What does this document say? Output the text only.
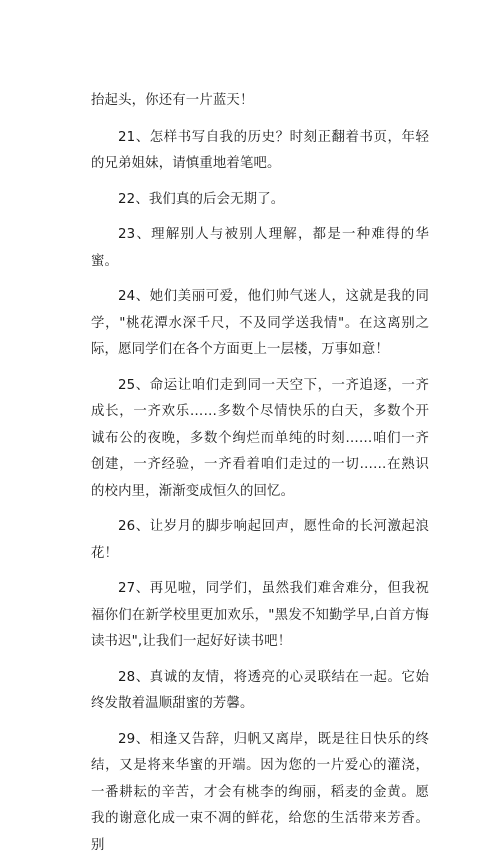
抬起头，你还有一片蓝天！

21、怎样书写自我的历史？时刻正翻着书页，年轻的兄弟姐妹，请慎重地着笔吧。

22、我们真的后会无期了。

23、理解别人与被别人理解，都是一种难得的华蜜。

24、她们美丽可爱，他们帅气迷人，这就是我的同学，"桃花潭水深千尺，不及同学送我情"。在这离别之际，愿同学们在各个方面更上一层楼，万事如意！

25、命运让咱们走到同一天空下，一齐追逐，一齐成长，一齐欢乐……多数个尽情快乐的白天，多数个开诚布公的夜晚，多数个绚烂而单纯的时刻……咱们一齐创建，一齐经验，一齐看着咱们走过的一切……在熟识的校内里，渐渐变成恒久的回忆。

26、让岁月的脚步响起回声，愿性命的长河激起浪花！

27、再见啦，同学们，虽然我们难舍难分，但我祝福你们在新学校里更加欢乐，"黑发不知勤学早,白首方悔读书迟",让我们一起好好读书吧！

28、真诚的友情，将透亮的心灵联结在一起。它始终发散着温顺甜蜜的芳馨。

29、相逢又告辞，归帆又离岸，既是往日快乐的终结，又是将来华蜜的开端。因为您的一片爱心的灌浇，一番耕耘的辛苦，才会有桃李的绚丽，稻麦的金黄。愿我的谢意化成一束不凋的鲜花，给您的生活带来芳香。别
